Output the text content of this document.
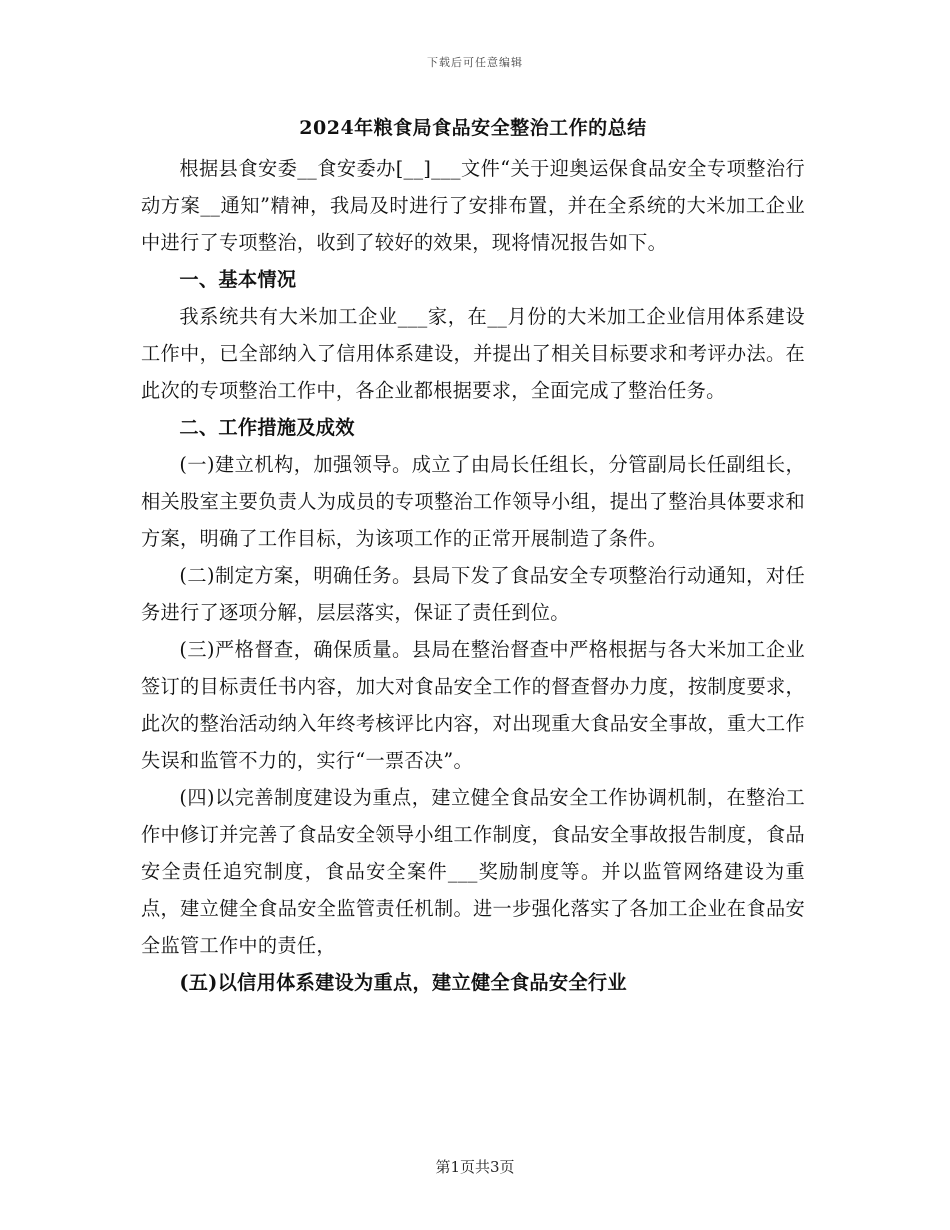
下载后可任意编辑
2024年粮食局食品安全整治工作的总结

根据县食安委__食安委办[__]___文件“关于迎奥运保食品安全专项整治行动方案__通知”精神，我局及时进行了安排布置，并在全系统的大米加工企业中进行了专项整治，收到了较好的效果，现将情况报告如下。

一、基本情况

我系统共有大米加工企业___家，在__月份的大米加工企业信用体系建设工作中，已全部纳入了信用体系建设，并提出了相关目标要求和考评办法。在此次的专项整治工作中，各企业都根据要求，全面完成了整治任务。

二、工作措施及成效

(一)建立机构，加强领导。成立了由局长任组长，分管副局长任副组长，相关股室主要负责人为成员的专项整治工作领导小组，提出了整治具体要求和方案，明确了工作目标，为该项工作的正常开展制造了条件。

(二)制定方案，明确任务。县局下发了食品安全专项整治行动通知，对任务进行了逐项分解，层层落实，保证了责任到位。

(三)严格督查，确保质量。县局在整治督查中严格根据与各大米加工企业签订的目标责任书内容，加大对食品安全工作的督查督办力度，按制度要求，此次的整治活动纳入年终考核评比内容，对出现重大食品安全事故，重大工作失误和监管不力的，实行“一票否决”。

(四)以完善制度建设为重点，建立健全食品安全工作协调机制，在整治工作中修订并完善了食品安全领导小组工作制度，食品安全事故报告制度，食品安全责任追究制度，食品安全案件___奖励制度等。并以监管网络建设为重点，建立健全食品安全监管责任机制。进一步强化落实了各加工企业在食品安全监管工作中的责任，

(五)以信用体系建设为重点，建立健全食品安全行业

第1页共3页
